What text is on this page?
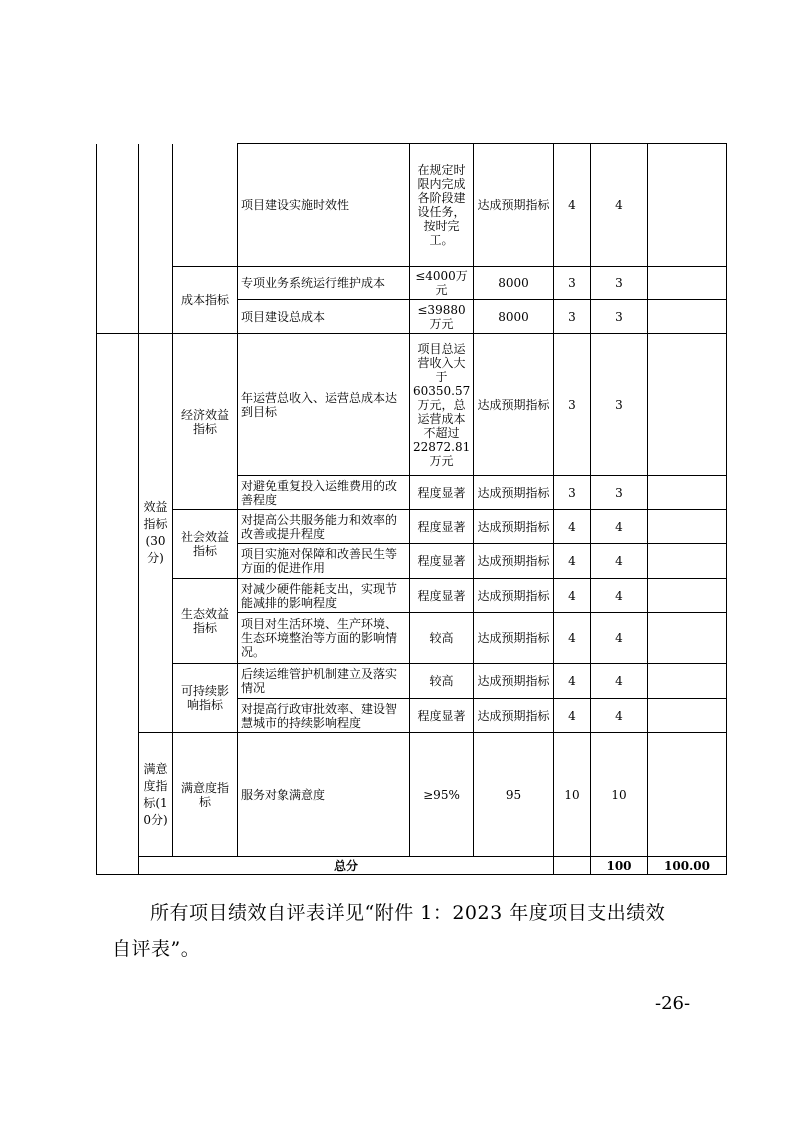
			项目建设实施时效性	在规定时限内完成各阶段建设任务，按时完工。	达成预期指标	4	4		
		成本指标	专项业务系统运行维护成本	≤4000万元	8000	3	3		
			项目建设总成本	≤39880万元	8000	3	3		
	效益指标(30分)	经济效益指标	年运营总收入、运营总成本达到目标	项目总运营收入大于60350.57万元，总运营成本不超过22872.81万元	达成预期指标	3	3		
			对避免重复投入运维费用的改善程度	程度显著	达成预期指标	3	3		
		社会效益指标	对提高公共服务能力和效率的改善或提升程度	程度显著	达成预期指标	4	4		
			项目实施对保障和改善民生等方面的促进作用	程度显著	达成预期指标	4	4		
		生态效益指标	对减少硬件能耗支出，实现节能减排的影响程度	程度显著	达成预期指标	4	4		
			项目对生活环境、生产环境、生态环境整治等方面的影响情况。	较高	达成预期指标	4	4		
		可持续影响指标	后续运维管护机制建立及落实情况	较高	达成预期指标	4	4		
			对提高行政审批效率、建设智慧城市的持续影响程度	程度显著	达成预期指标	4	4		
	满意度指标(10分)	满意度指标	服务对象满意度	≥95%	95	10	10		
	总分						100	100.00	
所有项目绩效自评表详见“附件 1：2023 年度项目支出绩效
自评表”。
-26-
